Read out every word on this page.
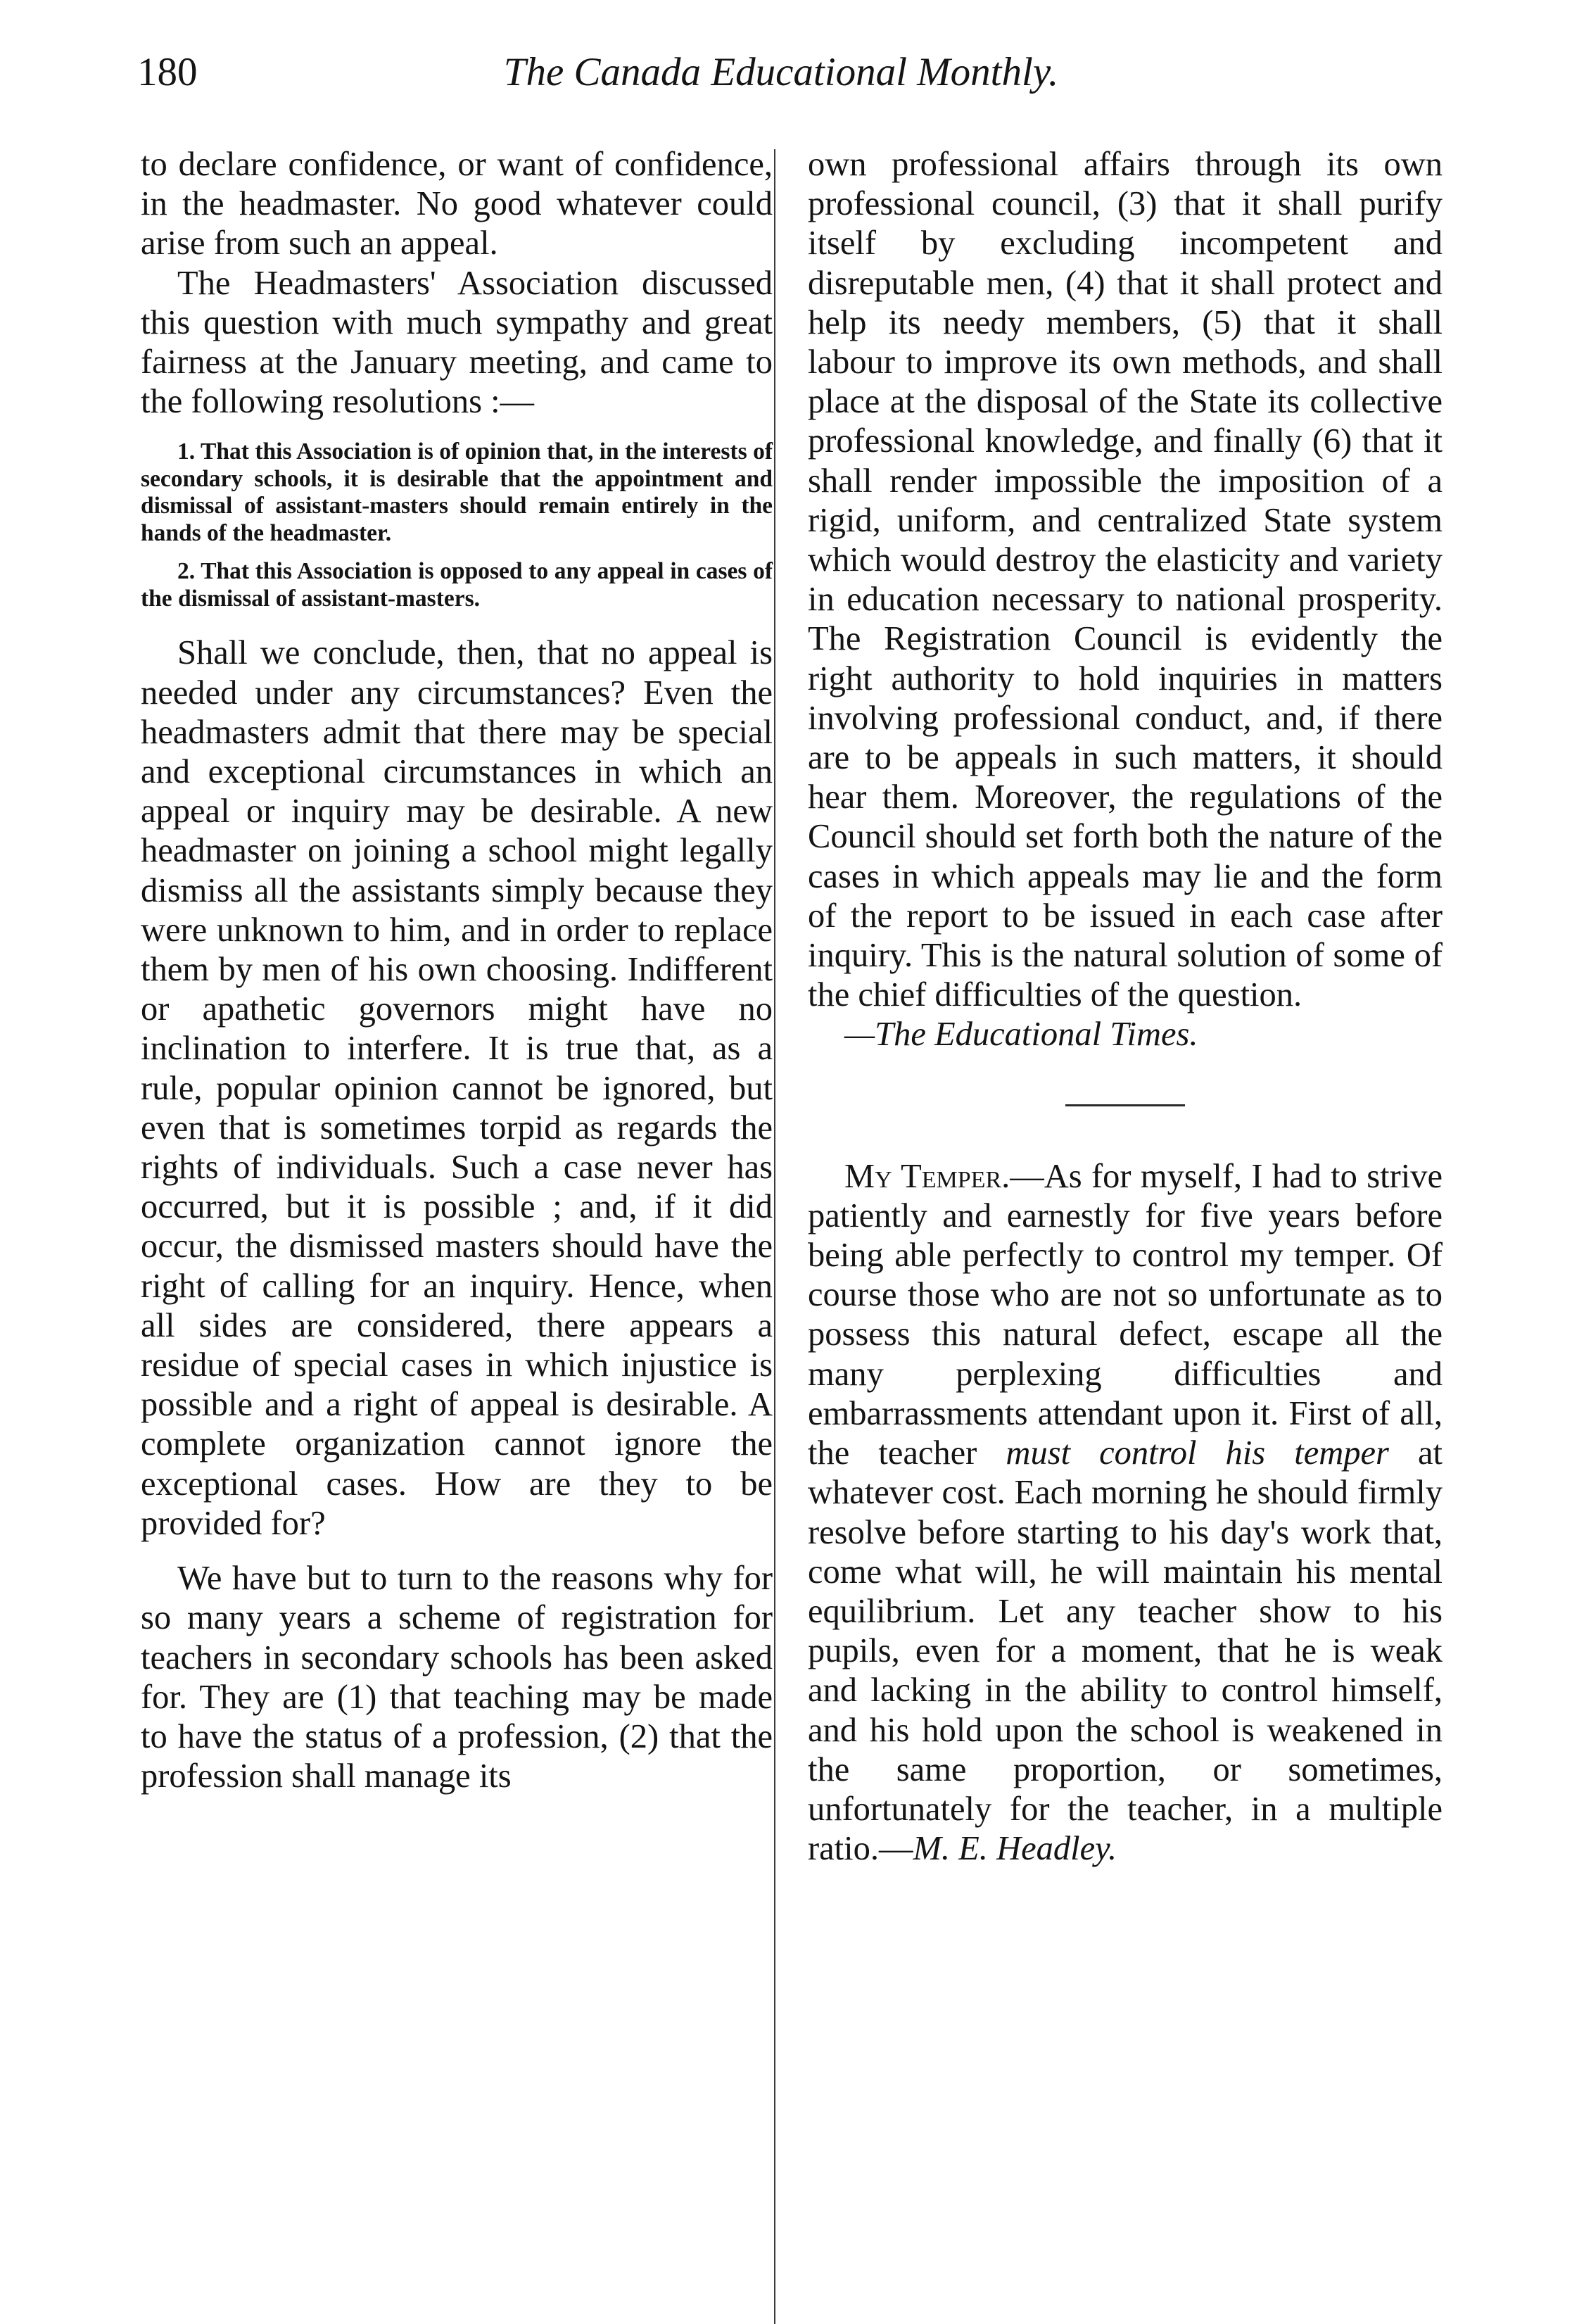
The Canada Educational Monthly.
180

to declare confidence, or want of confidence, in the headmaster. No good whatever could arise from such an appeal.

The Headmasters' Association discussed this question with much sympathy and great fairness at the January meeting, and came to the following resolutions :—

1. That this Association is of opinion that, in the interests of secondary schools, it is desirable that the appointment and dismissal of assistant-masters should remain entirely in the hands of the headmaster.

2. That this Association is opposed to any appeal in cases of the dismissal of assistant-masters.

Shall we conclude, then, that no appeal is needed under any circumstances? Even the headmasters admit that there may be special and exceptional circumstances in which an appeal or inquiry may be desirable. A new headmaster on joining a school might legally dismiss all the assistants simply because they were unknown to him, and in order to replace them by men of his own choosing. Indifferent or apathetic governors might have no inclination to interfere. It is true that, as a rule, popular opinion cannot be ignored, but even that is sometimes torpid as regards the rights of individuals. Such a case never has occurred, but it is possible ; and, if it did occur, the dismissed masters should have the right of calling for an inquiry. Hence, when all sides are considered, there appears a residue of special cases in which injustice is possible and a right of appeal is desirable. A complete organization cannot ignore the exceptional cases. How are they to be provided for?

We have but to turn to the reasons why for so many years a scheme of registration for teachers in secondary schools has been asked for. They are (1) that teaching may be made to have the status of a profession, (2) that the profession shall manage its

own professional affairs through its own professional council, (3) that it shall purify itself by excluding incompetent and disreputable men, (4) that it shall protect and help its needy members, (5) that it shall labour to improve its own methods, and shall place at the disposal of the State its collective professional knowledge, and finally (6) that it shall render impossible the imposition of a rigid, uniform, and centralized State system which would destroy the elasticity and variety in education necessary to national prosperity. The Registration Council is evidently the right authority to hold inquiries in matters involving professional conduct, and, if there are to be appeals in such matters, it should hear them. Moreover, the regulations of the Council should set forth both the nature of the cases in which appeals may lie and the form of the report to be issued in each case after inquiry. This is the natural solution of some of the chief difficulties of the question.

—The Educational Times.

My Temper.—As for myself, I had to strive patiently and earnestly for five years before being able perfectly to control my temper. Of course those who are not so unfortunate as to possess this natural defect, escape all the many perplexing difficulties and embarrassments attendant upon it. First of all, the teacher must control his temper at whatever cost. Each morning he should firmly resolve before starting to his day's work that, come what will, he will maintain his mental equilibrium. Let any teacher show to his pupils, even for a moment, that he is weak and lacking in the ability to control himself, and his hold upon the school is weakened in the same proportion, or sometimes, unfortunately for the teacher, in a multiple ratio.—M. E. Headley.
